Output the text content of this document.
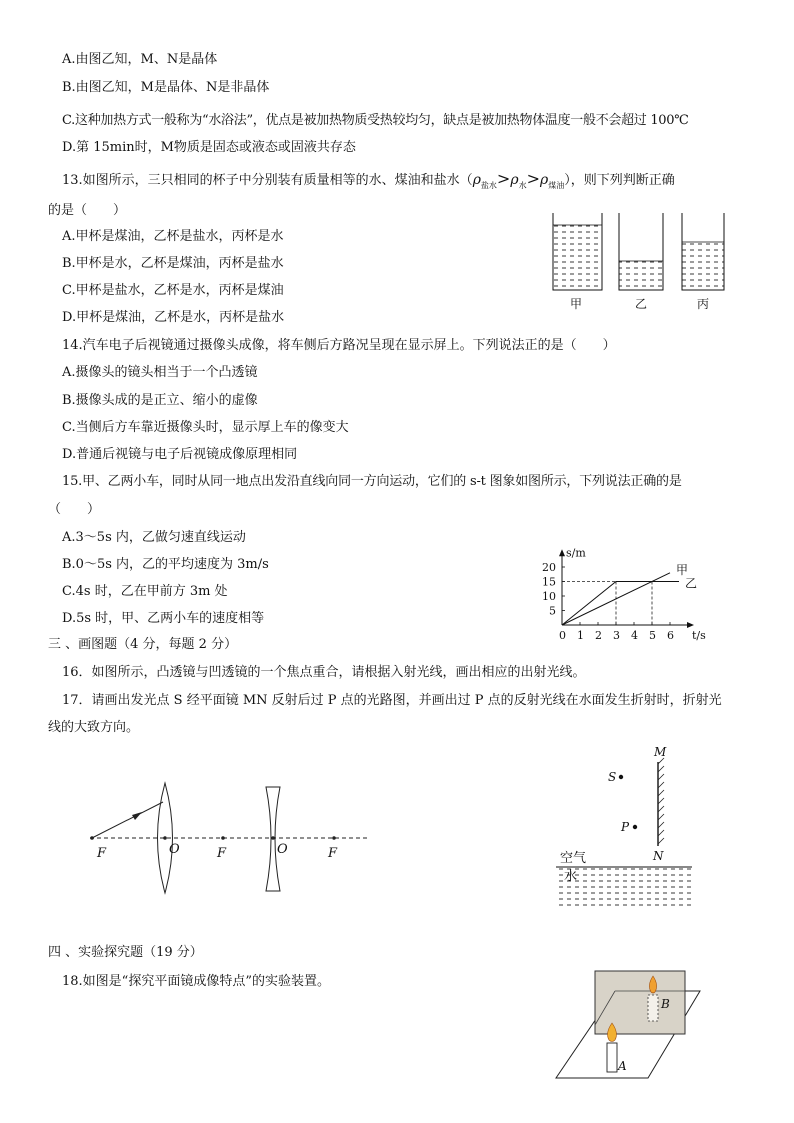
A.由图乙知，M、N是晶体
B.由图乙知，M是晶体、N是非晶体
C.这种加热方式一般称为“水浴法”，优点是被加热物质受热较均匀，缺点是被加热物体温度一般不会超过 100℃
D.第 15min时，M物质是固态或液态或固液共存态
13.如图所示，三只相同的杯子中分别装有质量相等的水、煤油和盐水$(\rho_{盐水}>\rho_水>\rho_{煤油})$，则下列判断正确
的是（　　）
A.甲杯是煤油，乙杯是盐水，丙杯是水
B.甲杯是水，乙杯是煤油，丙杯是盐水
C.甲杯是盐水，乙杯是水，丙杯是煤油
D.甲杯是煤油，乙杯是水，丙杯是盐水
14.汽车电子后视镜通过摄像头成像，将车侧后方路况呈现在显示屏上。下列说法正的是（　　）
A.摄像头的镜头相当于一个凸透镜
B.摄像头成的是正立、缩小的虚像
C.当侧后方车靠近摄像头时，显示厚上车的像变大
D.普通后视镜与电子后视镜成像原理相同
15.甲、乙两小车，同时从同一地点出发沿直线向同一方向运动，它们的 s-t 图象如图所示，下列说法正确的是
（　　）
A.3～5s 内，乙做匀速直线运动
B.0～5s 内，乙的平均速度为 3m/s
C.4s 时，乙在甲前方 3m 处
D.5s 时，甲、乙两小车的速度相等
三 、画图题（4 分，每题 2 分）
16．如图所示，凸透镜与凹透镜的一个焦点重合，请根据入射光线，画出相应的出射光线。
17．请画出发光点 S 经平面镜 MN 反射后过 P 点的光路图，并画出过 P 点的反射光线在水面发生折射时，折射光
线的大致方向。
四 、实验探究题（19 分）
18.如图是“探究平面镜成像特点”的实验装置。
甲	乙	丙
s/m
t/s
0 1 2 3 4 5 6
5
10
15
20	甲
乙
F	O	F	O	F
M
N
S
P
空气
水
B
A
